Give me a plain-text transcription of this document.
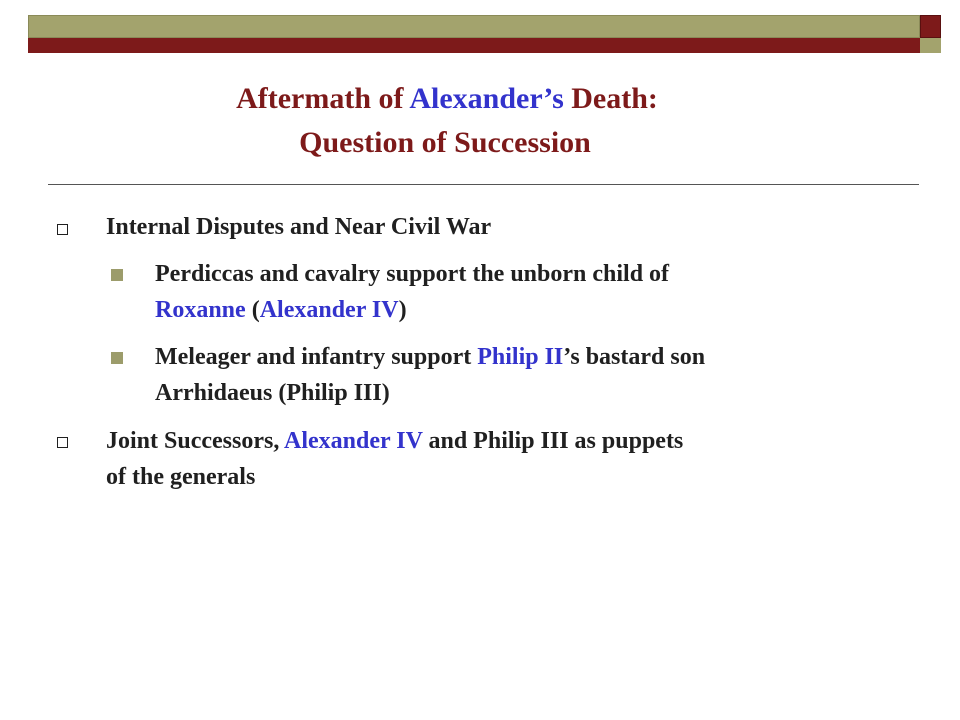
Aftermath of Alexander’s Death:
Question of Succession
Internal Disputes and Near Civil War
Perdiccas and cavalry support the unborn child of
Roxanne (Alexander IV)
Meleager and infantry support Philip II’s bastard son
Arrhidaeus (Philip III)
Joint Successors, Alexander IV and Philip III as puppets
of the generals
